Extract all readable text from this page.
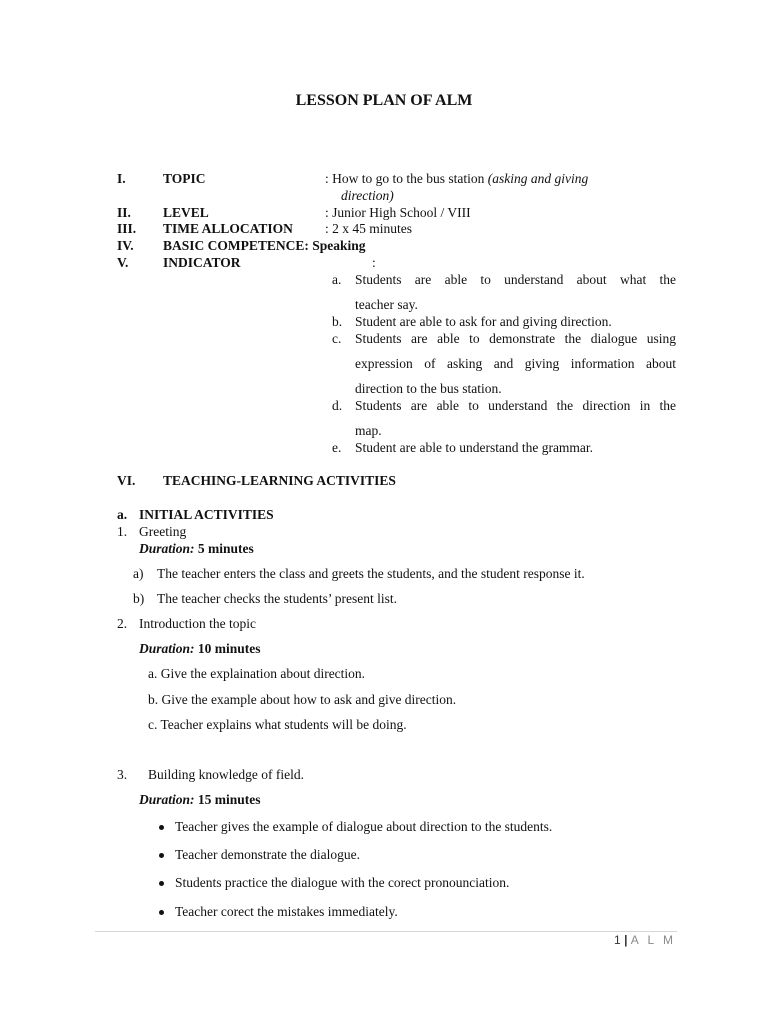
LESSON PLAN OF ALM
I.	TOPIC	: How to go to the bus station (asking and giving
direction)
II. LEVEL	: Junior High School / VIII
III. TIME ALLOCATION : 2 x 45 minutes
IV. BASIC COMPETENCE: Speaking
V.	INDICATOR	:
a. Students are able to understand about what the
teacher say.
b. Student are able to ask for and giving direction.
c. Students are able to demonstrate the dialogue using
expression of asking and giving information about
direction to the bus station.
d. Students are able to understand the direction in the
map.
e. Student are able to understand the grammar.
VI. TEACHING-LEARNING ACTIVITIES
a. INITIAL ACTIVITIES
1. Greeting
Duration: 5 minutes
a) The teacher enters the class and greets the students, and the student response it.
b) The teacher checks the students’ present list.
2. Introduction the topic
Duration: 10 minutes
a. Give the explaination about direction.
b. Give the example about how to ask and give direction.
c. Teacher explains what students will be doing.
3. Building knowledge of field.
Duration: 15 minutes
Teacher gives the example of dialogue about direction to the students.
Teacher demonstrate the dialogue.
Students practice the dialogue with the corect pronounciation.
Teacher corect the mistakes immediately.
1 | A L M
